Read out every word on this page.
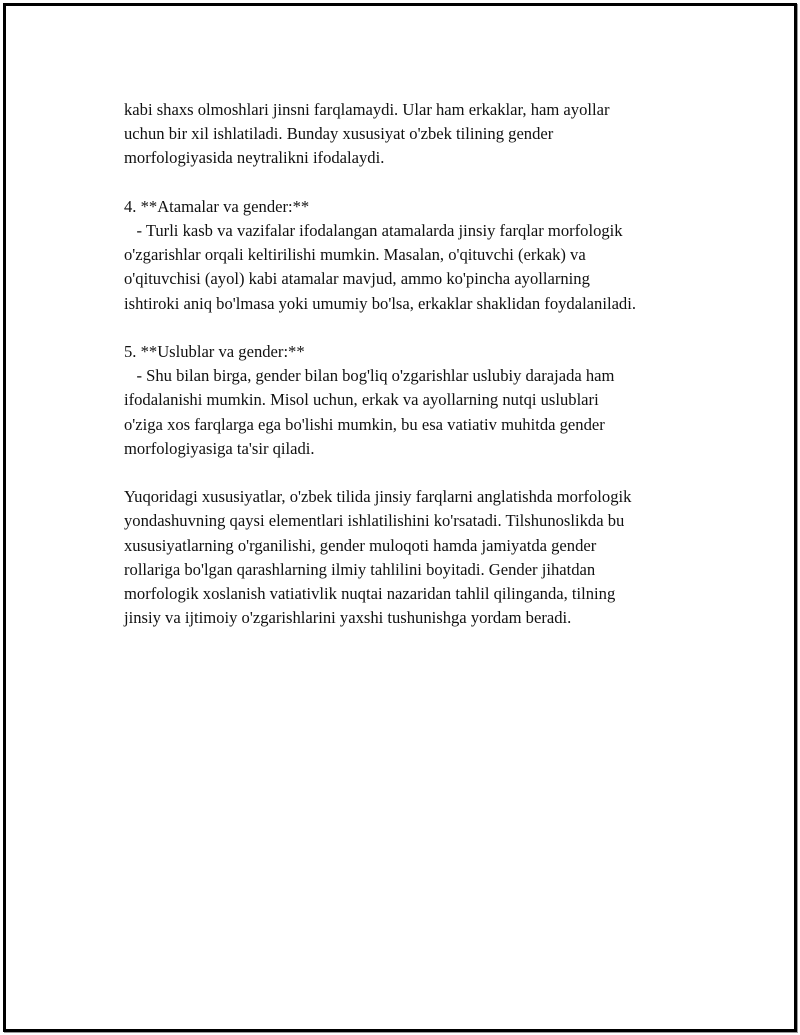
kabi shaxs olmoshlari jinsni farqlamaydi. Ular ham erkaklar, ham ayollar
uchun bir xil ishlatiladi. Bunday xususiyat o'zbek tilining gender
morfologiyasida neytralikni ifodalaydi.
4. **Atamalar va gender:**
- Turli kasb va vazifalar ifodalangan atamalarda jinsiy farqlar morfologik
o'zgarishlar orqali keltirilishi mumkin. Masalan, o'qituvchi (erkak) va
o'qituvchisi (ayol) kabi atamalar mavjud, ammo ko'pincha ayollarning
ishtiroki aniq bo'lmasa yoki umumiy bo'lsa, erkaklar shaklidan foydalaniladi.
5. **Uslublar va gender:**
- Shu bilan birga, gender bilan bog'liq o'zgarishlar uslubiy darajada ham
ifodalanishi mumkin. Misol uchun, erkak va ayollarning nutqi uslublari
o'ziga xos farqlarga ega bo'lishi mumkin, bu esa vatiativ muhitda gender
morfologiyasiga ta'sir qiladi.
Yuqoridagi xususiyatlar, o'zbek tilida jinsiy farqlarni anglatishda morfologik
yondashuvning qaysi elementlari ishlatilishini ko'rsatadi. Tilshunoslikda bu
xususiyatlarning o'rganilishi, gender muloqoti hamda jamiyatda gender
rollariga bo'lgan qarashlarning ilmiy tahlilini boyitadi. Gender jihatdan
morfologik xoslanish vatiativlik nuqtai nazaridan tahlil qilinganda, tilning
jinsiy va ijtimoiy o'zgarishlarini yaxshi tushunishga yordam beradi.
